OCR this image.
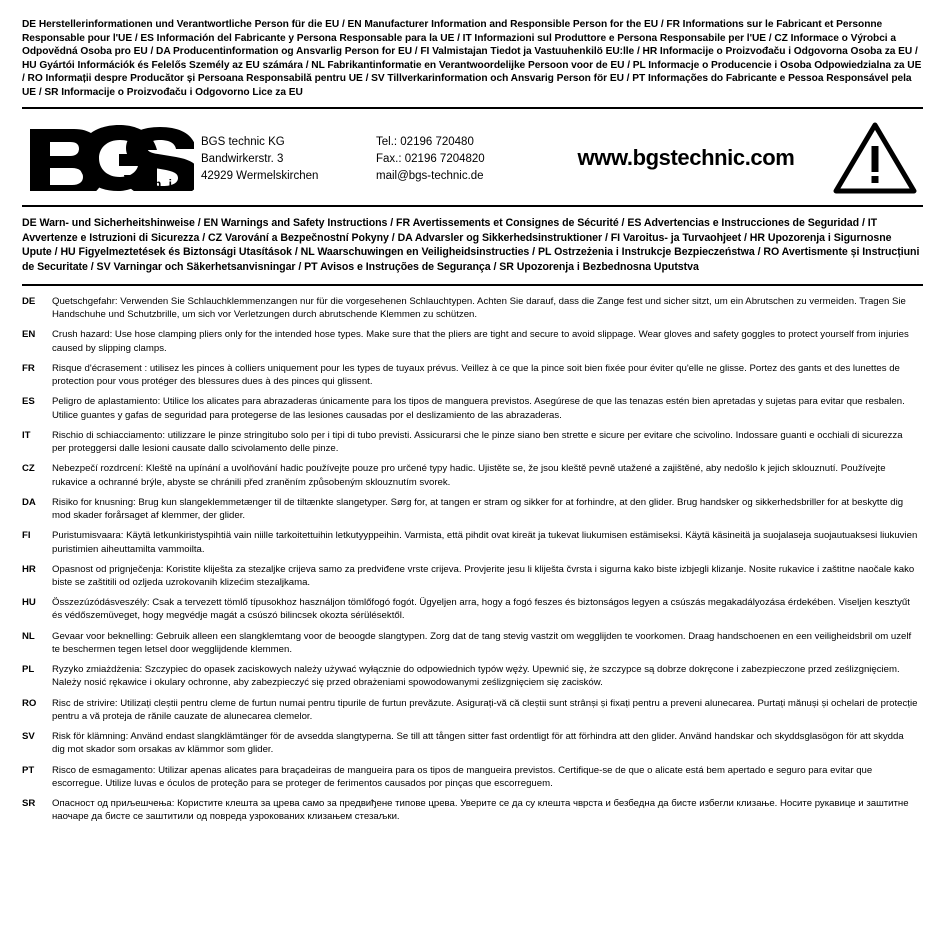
DE Herstellerinformationen und Verantwortliche Person für die EU / EN Manufacturer Information and Responsible Person for the EU / FR Informations sur le Fabricant et Personne Responsable pour l'UE / ES Información del Fabricante y Persona Responsable para la UE / IT Informazioni sul Produttore e Persona Responsabile per l'UE / CZ Informace o Výrobci a Odpovědná Osoba pro EU / DA Producentinformation og Ansvarlig Person for EU / FI Valmistajan Tiedot ja Vastuuhenkilö EU:lle / HR Informacije o Proizvođaču i Odgovorna Osoba za EU / HU Gyártói Információk és Felelős Személy az EU számára / NL Fabrikantinformatie en Verantwoordelijke Persoon voor de EU / PL Informacje o Producencie i Osoba Odpowiedzialna za UE / RO Informații despre Producător și Persoana Responsabilă pentru UE / SV Tillverkarinformation och Ansvarig Person för EU / PT Informações do Fabricante e Pessoa Responsável pela UE / SR Informacije o Proizvođaču i Odgovorno Lice za EU
®
t e c h n i c
BGS technic KG
Bandwirkerstr. 3
42929 Wermelskirchen
Tel.: 02196 720480
Fax.: 02196 7204820
mail@bgs-technic.de
www.bgstechnic.com
DE Warn- und Sicherheitshinweise / EN Warnings and Safety Instructions / FR Avertissements et Consignes de Sécurité / ES Advertencias e Instrucciones de Seguridad / IT Avvertenze e Istruzioni di Sicurezza / CZ Varování a Bezpečnostní Pokyny / DA Advarsler og Sikkerhedsinstruktioner / FI Varoitus- ja Turvaohjeet / HR Upozorenja i Sigurnosne Upute / HU Figyelmeztetések és Biztonsági Utasítások / NL Waarschuwingen en Veiligheidsinstructies / PL Ostrzeżenia i Instrukcje Bezpieczeństwa / RO Avertismente și Instrucțiuni de Securitate / SV Varningar och Säkerhetsanvisningar / PT Avisos e Instruções de Segurança / SR Upozorenja i Bezbednosna Uputstva
DE	Quetschgefahr: Verwenden Sie Schlauchklemmenzangen nur für die vorgesehenen Schlauchtypen. Achten Sie darauf, dass die Zange fest und sicher sitzt, um ein Abrutschen zu vermeiden. Tragen Sie Handschuhe und Schutzbrille, um sich vor Verletzungen durch abrutschende Klemmen zu schützen.
EN	Crush hazard: Use hose clamping pliers only for the intended hose types. Make sure that the pliers are tight and secure to avoid slippage. Wear gloves and safety goggles to protect yourself from injuries caused by slipping clamps.
FR	Risque d'écrasement : utilisez les pinces à colliers uniquement pour les types de tuyaux prévus. Veillez à ce que la pince soit bien fixée pour éviter qu'elle ne glisse. Portez des gants et des lunettes de protection pour vous protéger des blessures dues à des pinces qui glissent.
ES	Peligro de aplastamiento: Utilice los alicates para abrazaderas únicamente para los tipos de manguera previstos. Asegúrese de que las tenazas estén bien apretadas y sujetas para evitar que resbalen. Utilice guantes y gafas de seguridad para protegerse de las lesiones causadas por el deslizamiento de las abrazaderas.
IT	Rischio di schiacciamento: utilizzare le pinze stringitubo solo per i tipi di tubo previsti. Assicurarsi che le pinze siano ben strette e sicure per evitare che scivolino. Indossare guanti e occhiali di sicurezza per proteggersi dalle lesioni causate dallo scivolamento delle pinze.
CZ	Nebezpečí rozdrcení: Kleště na upínání a uvolňování hadic používejte pouze pro určené typy hadic. Ujistěte se, že jsou kleště pevně utažené a zajištěné, aby nedošlo k jejich sklouznutí. Používejte rukavice a ochranné brýle, abyste se chránili před zraněním způsobeným sklouznutím svorek.
DA	Risiko for knusning: Brug kun slangeklemmetænger til de tiltænkte slangetyper. Sørg for, at tangen er stram og sikker for at forhindre, at den glider. Brug handsker og sikkerhedsbriller for at beskytte dig mod skader forårsaget af klemmer, der glider.
FI	Puristumisvaara: Käytä letkunkiristyspihtiä vain niille tarkoitettuihin letkutyyppeihin. Varmista, että pihdit ovat kireät ja tukevat liukumisen estämiseksi. Käytä käsineitä ja suojalaseja suojautuaksesi liukuvien puristimien aiheuttamilta vammoilta.
HR	Opasnost od prignječenja: Koristite kliješta za stezaljke crijeva samo za predviđene vrste crijeva. Provjerite jesu li kliješta čvrsta i sigurna kako biste izbjegli klizanje. Nosite rukavice i zaštitne naočale kako biste se zaštitili od ozljeda uzrokovanih klizećim stezaljkama.
HU	Összezúzódásveszély: Csak a tervezett tömlő típusokhoz használjon tömlőfogó fogót. Ügyeljen arra, hogy a fogó feszes és biztonságos legyen a csúszás megakadályozása érdekében. Viseljen kesztyűt és védőszemüveget, hogy megvédje magát a csúszó bilincsek okozta sérülésektől.
NL	Gevaar voor beknelling: Gebruik alleen een slangklemtang voor de beoogde slangtypen. Zorg dat de tang stevig vastzit om wegglijden te voorkomen. Draag handschoenen en een veiligheidsbril om uzelf te beschermen tegen letsel door wegglijdende klemmen.
PL	Ryzyko zmiażdżenia: Szczypiec do opasek zaciskowych należy używać wyłącznie do odpowiednich typów węży. Upewnić się, że szczypce są dobrze dokręcone i zabezpieczone przed ześlizgnięciem. Należy nosić rękawice i okulary ochronne, aby zabezpieczyć się przed obrażeniami spowodowanymi ześlizgnięciem się zacisków.
RO	Risc de strivire: Utilizați cleștii pentru cleme de furtun numai pentru tipurile de furtun prevăzute. Asigurați-vă că cleștii sunt strânși și fixați pentru a preveni alunecarea. Purtați mănuși și ochelari de protecție pentru a vă proteja de rănile cauzate de alunecarea clemelor.
SV	Risk för klämning: Använd endast slangklämtänger för de avsedda slangtyperna. Se till att tången sitter fast ordentligt för att förhindra att den glider. Använd handskar och skyddsglasögon för att skydda dig mot skador som orsakas av klämmor som glider.
PT	Risco de esmagamento: Utilizar apenas alicates para braçadeiras de mangueira para os tipos de mangueira previstos. Certifique-se de que o alicate está bem apertado e seguro para evitar que escorregue. Utilize luvas e óculos de proteção para se proteger de ferimentos causados por pinças que escorreguem.
SR	Опасност од приљешчења: Користите клешта за црева само за предвиђене типове црева. Уверите се да су клешта чврста и безбедна да бисте избегли клизање. Носите рукавице и заштитне наочаре да бисте се заштитили од повреда узрокованих клизањем стезаљки.
